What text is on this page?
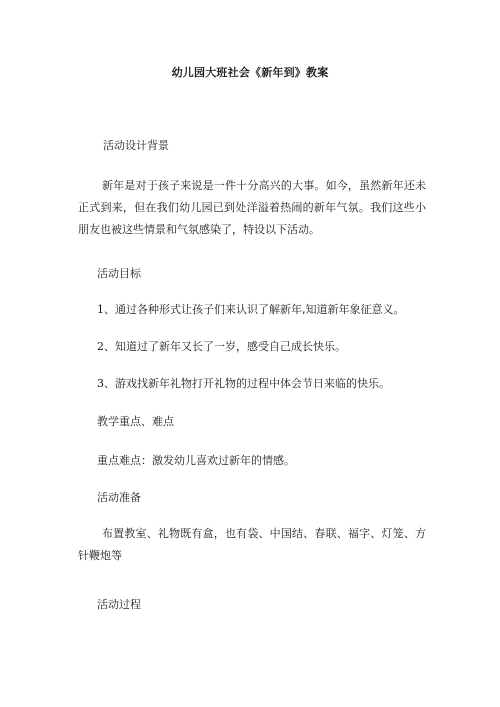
幼儿园大班社会《新年到》教案
活动设计背景
新年是对于孩子来说是一件十分高兴的大事。如今，虽然新年还未正式到来，但在我们幼儿园已到处洋溢着热闹的新年气氛。我们这些小朋友也被这些情景和气氛感染了，特设以下活动。
活动目标
1、通过各种形式让孩子们来认识了解新年,知道新年象征意义。
2、知道过了新年又长了一岁，感受自己成长快乐。
3、游戏找新年礼物打开礼物的过程中体会节日来临的快乐。
教学重点、难点
重点难点：激发幼儿喜欢过新年的情感。
活动准备
布置教室、礼物既有盒，也有袋、中国结、春联、福字、灯笼、方针鞭炮等
活动过程
